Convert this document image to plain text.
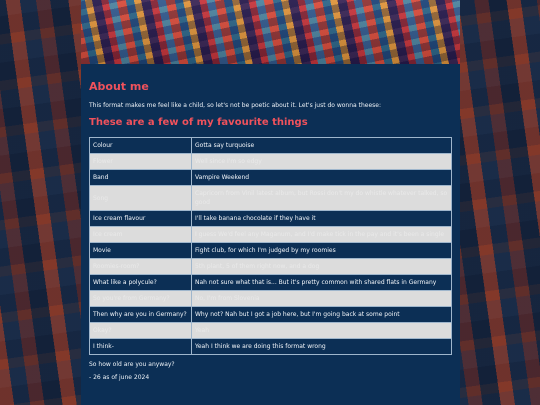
About me

This format makes me feel like a child, so let's not be poetic about it. Let's just do wonna theese:

These are a few of my favourite things
Colour	Gotta say turquoise
Flower	Well since I'm so edgy
Band	Vampire Weekend
Song	Capricorn from Vinil latest album, but Rossi don't my do whistle whatever talked, so good
Ice cream flavour	I'll take banana chocolate if they have it
Ice cream	I guess We'd feel any Maganum, and I'd make tick in the pay and it's been a single
Movie	Fight club, for which I'm judged by my roomies
Roomies-room?	5th plant, 5 of them right now, and a dog
What like a polycule?	Nah not sure what that is... But it's pretty common with shared flats in Germany
So you're from Germany?	No, I'm from Slovenia
Then why are you in Germany?	Why not? Nah but I got a job here, but I'm going back at some point
Okay?	Yeah
I think-	Yeah I think we are doing this format wrong

So how old are you anyway?

- 26 as of june 2024
